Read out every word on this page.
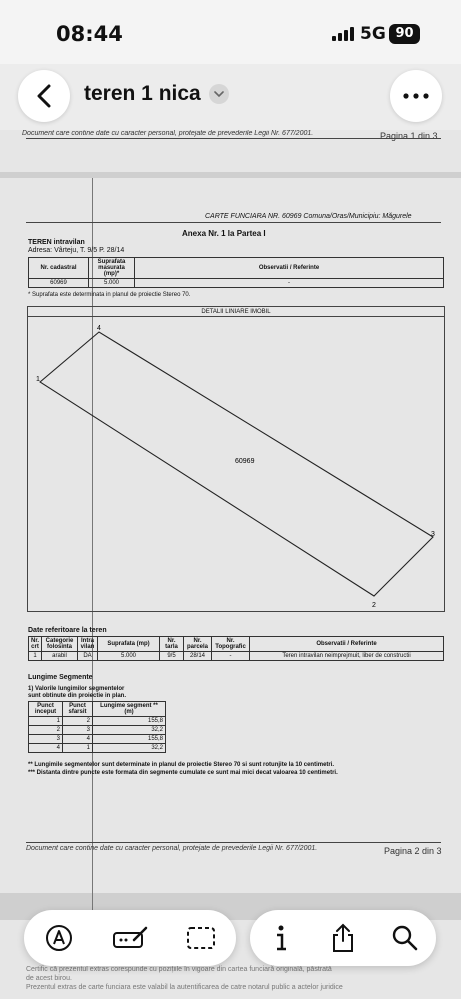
08:44	5G 90
teren 1 nica
Document care contine date cu caracter personal, protejate de prevederile Legii Nr. 677/2001.	Pagina 1 din 3
CARTE FUNCIARA NR. 60969 Comuna/Oras/Municipiu: Măgurele
Anexa Nr. 1 la Partea I
TEREN intravilan
Adresa: Vârteju, T. 9/5 P. 28/14
Nr. cadastral	Suprafata masurata (mp)*	Observatii / Referinte
60969	5.000	-
* Suprafata este determinata in planul de proiectie Stereo 70.
DETALII LINIARE IMOBIL
1
2
3
4
60969
Date referitoare la teren
Nr. crt	Categorie folosinta	Intra vilan	Suprafata (mp)	Nr. tarla	Nr. parcela	Nr. Topografic	Observatii / Referinte
1	arabil	DA	5.000	9/5	28/14	-	Teren intravilan neimprejmuit, liber de constructii
Lungime Segmente
1) Valorile lungimilor segmentelor
sunt obtinute din proiectie in plan.
Punct inceput	Punct sfarsit	Lungime segment ** (m)
1	2	155,8
2	3	32,2
3	4	155,8
4	1	32,2
** Lungimile segmentelor sunt determinate in planul de proiectie Stereo 70 si sunt rotunjite la 10 centimetri.
*** Distanta dintre puncte este formata din segmente cumulate ce sunt mai mici decat valoarea 10 centimetri.
Document care contine date cu caracter personal, protejate de prevederile Legii Nr. 677/2001.	Pagina 2 din 3
Certific că prezentul extras corespunde cu pozițiile în vigoare din cartea funciară originală, păstrată
de acest birou.
Prezentul extras de carte funciara este valabil la autentificarea de catre notarul public a actelor juridice
